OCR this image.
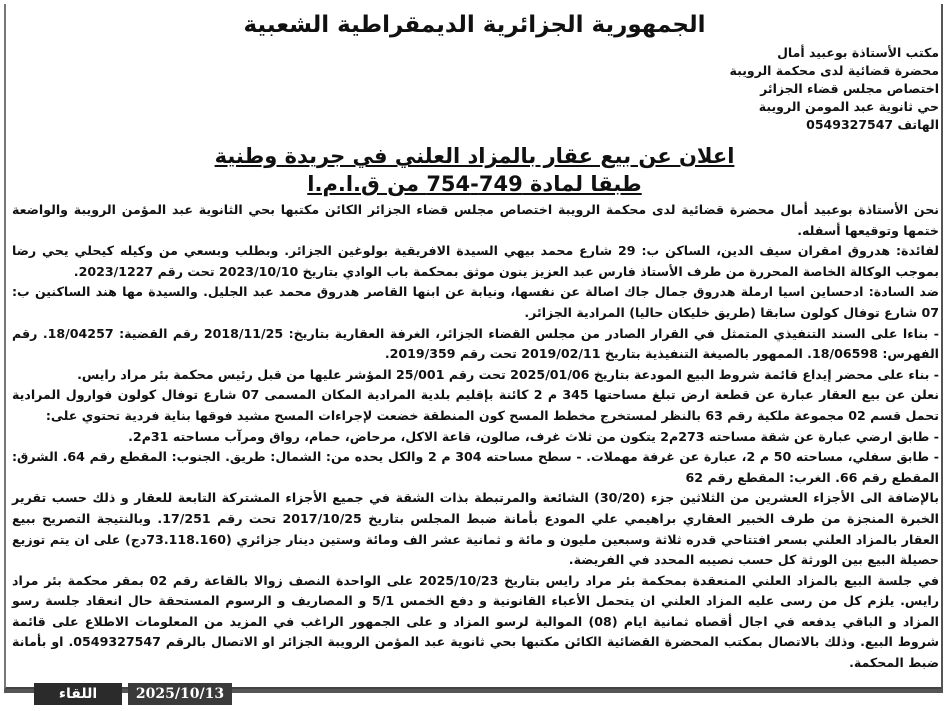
الجمهورية الجزائرية الديمقراطية الشعبية
مكتب الأستاذة بوعبيد أمال
محضرة قضائية لدى محكمة الرويبة
اختصاص مجلس قضاء الجزائر
حي ثانوية عبد المومن الرويبة
الهاتف 0549327547
اعلان عن بيع عقار بالمزاد العلني في جريدة وطنية
طبقا لمادة 749-754 من ق.ا.م.ا

نحن الأستاذة بوعبيد أمال محضرة قضائية لدى محكمة الرويبة اختصاص مجلس قضاء الجزائر الكائن مكتبها بحي الثانوية عبد المؤمن الرويبة والواضعة ختمها وتوقيعها أسفله.

لفائدة: هدروق امقران سيف الدين، الساكن ب: 29 شارع محمد بيهي السيدة الافريقية بولوغين الجزائر. وبطلب وبسعي من وكيله كيحلي يحي رضا بموجب الوكالة الخاصة المحررة من طرف الأستاذ فارس عبد العزيز ينون موثق بمحكمة باب الوادي بتاريخ 2023/10/10 تحت رقم 2023/1227.

ضد السادة: ادحساين اسيا ارملة هدروق جمال جاك اصالة عن نفسها، ونيابة عن ابنها القاصر هدروق محمد عبد الجليل. والسيدة مها هند الساكنين ب: 07 شارع توفال كولون سابقا (طريق خليكان حاليا) المرادية الجزائر.

- بناءا على السند التنفيذي المتمثل في القرار الصادر من مجلس القضاء الجزائر، الغرفة العقارية بتاريخ: 2018/11/25 رقم القضية: 18/04257. رقم الفهرس: 18/06598. الممهور بالصيغة التنفيذية بتاريخ 2019/02/11 تحت رقم 2019/359.

- بناء على محضر إيداع قائمة شروط البيع المودعة بتاريخ 2025/01/06 تحت رقم 25/001 المؤشر عليها من قبل رئيس محكمة بئر مراد رايس.

نعلن عن بيع العقار عبارة عن قطعة ارض تبلغ مساحتها 345 م 2 كائنة بإقليم بلدية المرادية المكان المسمى 07 شارع توفال كولون فوارول المرادية تحمل قسم 02 مجموعة ملكية رقم 63 بالنظر لمستخرج مخطط المسح كون المنطقة خضعت لإجراءات المسح مشيد فوقها بناية فردية تحتوي على:

- طابق ارضي عبارة عن شقة مساحته 273م2 يتكون من ثلاث غرف، صالون، قاعة الاكل، مرحاض، حمام، رواق ومرآب مساحته 31م2.

- طابق سفلي، مساحته 50 م 2، عبارة عن غرفة مهملات. - سطح مساحته 304 م 2 والكل يحده من: الشمال: طريق. الجنوب: المقطع رقم 64. الشرق: المقطع رقم 66. الغرب: المقطع رقم 62

بالإضافة الى الأجزاء العشرين من الثلاثين جزء (30/20) الشائعة والمرتبطة بذات الشقة في جميع الأجزاء المشتركة التابعة للعقار و ذلك حسب تقرير الخبرة المنجزة من طرف الخبير العقاري براهيمي علي المودع بأمانة ضبط المجلس بتاريخ 2017/10/25 تحت رقم 17/251. وبالنتيجة التصريح ببيع العقار بالمزاد العلني بسعر افتتاحي قدره ثلاثة وسبعين مليون و مائة و ثمانية عشر الف ومائة وستين دينار جزائري (73.118.160دج) على ان يتم توزيع حصيلة البيع بين الورثة كل حسب نصيبه المحدد في الفريضة.

في جلسة البيع بالمزاد العلني المنعقدة بمحكمة بئر مراد رايس بتاريخ 2025/10/23 على الواحدة النصف زوالا بالقاعة رقم 02 بمقر محكمة بئر مراد رايس. يلزم كل من رسى عليه المزاد العلني ان يتحمل الأعباء القانونية و دفع الخمس 5/1 و المصاريف و الرسوم المستحقة حال انعقاد جلسة رسو المزاد و الباقي يدفعه في اجال أقصاه ثمانية ايام (08) الموالية لرسو المزاد و على الجمهور الراغب في المزيد من المعلومات الاطلاع على قائمة شروط البيع. وذلك بالاتصال بمكتب المحضرة القضائية الكائن مكتبها بحي ثانوية عبد المؤمن الرويبة الجزائر او الاتصال بالرقم 0549327547. او بأمانة ضبط المحكمة.

اللقاء	2025/10/13
